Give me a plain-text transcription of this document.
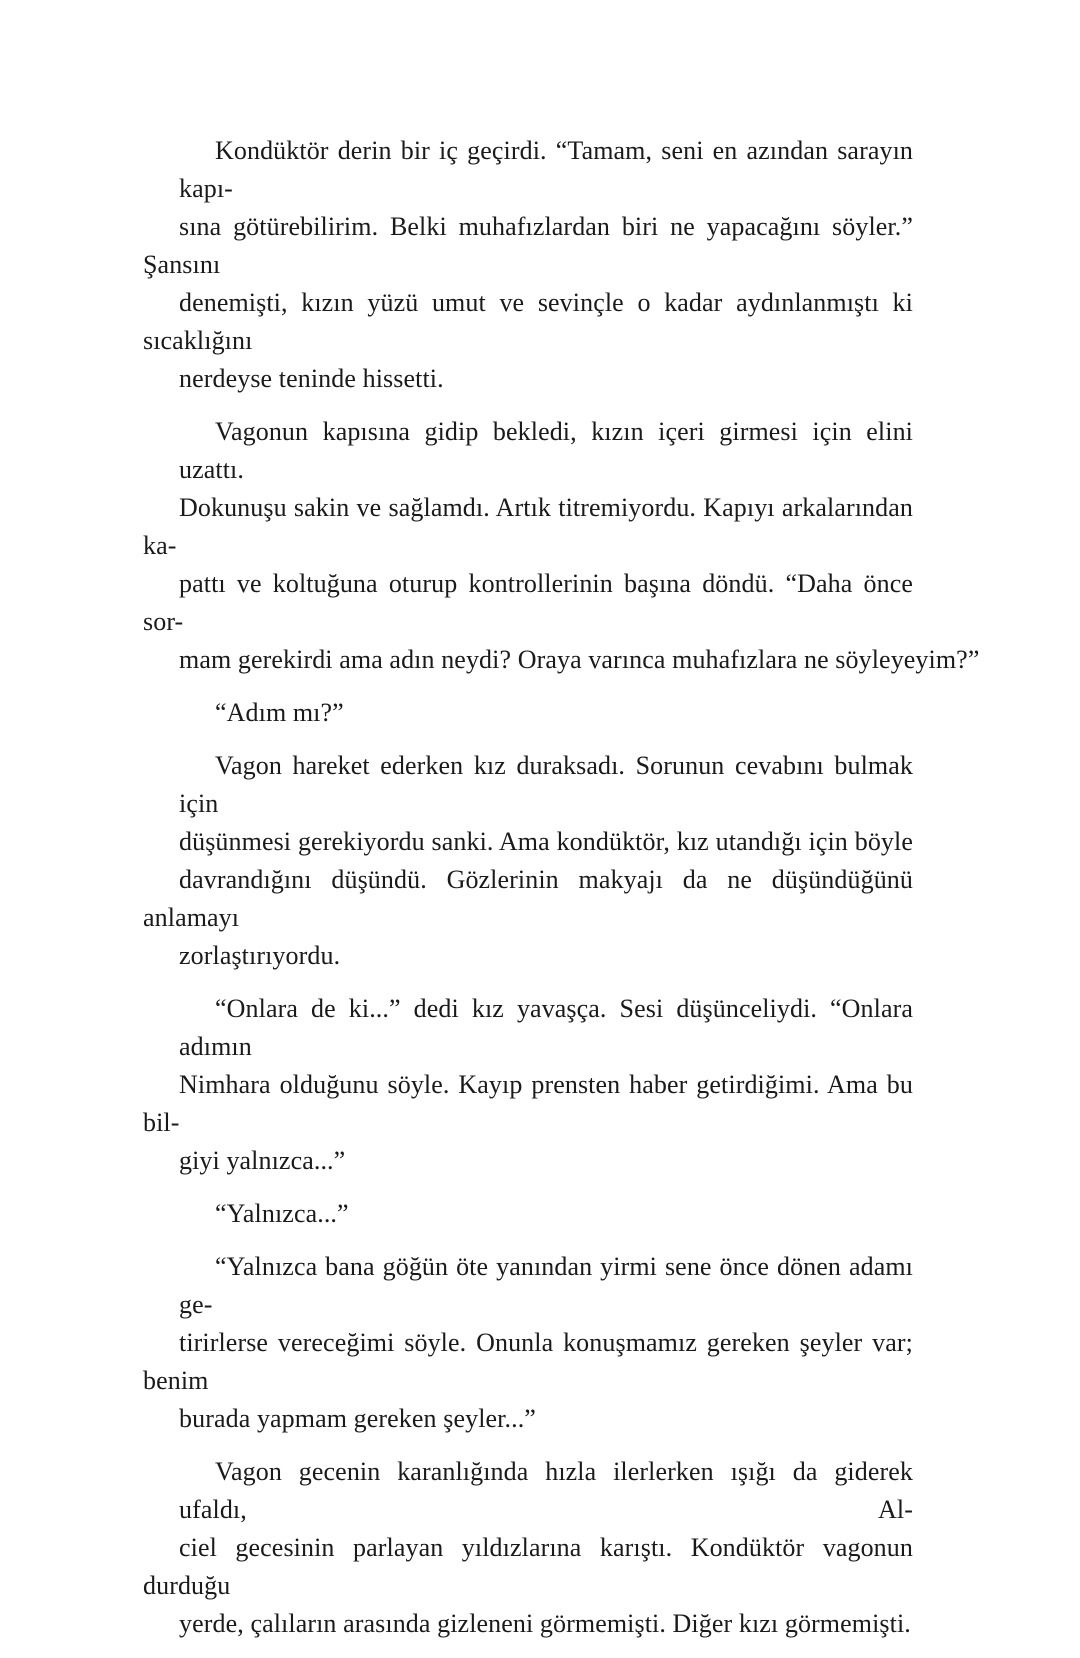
Kondüktör derin bir iç geçirdi. “Tamam, seni en azından sarayın kapı-
sına götürebilirim. Belki muhafızlardan biri ne yapacağını söyler.” Şansını
denemişti, kızın yüzü umut ve sevinçle o kadar aydınlanmıştı ki sıcaklığını
nerdeyse teninde hissetti.
Vagonun kapısına gidip bekledi, kızın içeri girmesi için elini uzattı.
Dokunuşu sakin ve sağlamdı. Artık titremiyordu. Kapıyı arkalarından ka-
pattı ve koltuğuna oturup kontrollerinin başına döndü. “Daha önce sor-
mam gerekirdi ama adın neydi? Oraya varınca muhafızlara ne söyleyeyim?”
“Adım mı?”
Vagon hareket ederken kız duraksadı. Sorunun cevabını bulmak için
düşünmesi gerekiyordu sanki. Ama kondüktör, kız utandığı için böyle
davrandığını düşündü. Gözlerinin makyajı da ne düşündüğünü anlamayı
zorlaştırıyordu.
“Onlara de ki...” dedi kız yavaşça. Sesi düşünceliydi. “Onlara adımın
Nimhara olduğunu söyle. Kayıp prensten haber getirdiğimi. Ama bu bil-
giyi yalnızca...”
“Yalnızca...”
“Yalnızca bana göğün öte yanından yirmi sene önce dönen adamı ge-
tirirlerse vereceğimi söyle. Onunla konuşmamız gereken şeyler var; benim
burada yapmam gereken şeyler...”
Vagon gecenin karanlığında hızla ilerlerken ışığı da giderek ufaldı, Al-
ciel gecesinin parlayan yıldızlarına karıştı. Kondüktör vagonun durduğu
yerde, çalıların arasında gizleneni görmemişti. Diğer kızı görmemişti.
